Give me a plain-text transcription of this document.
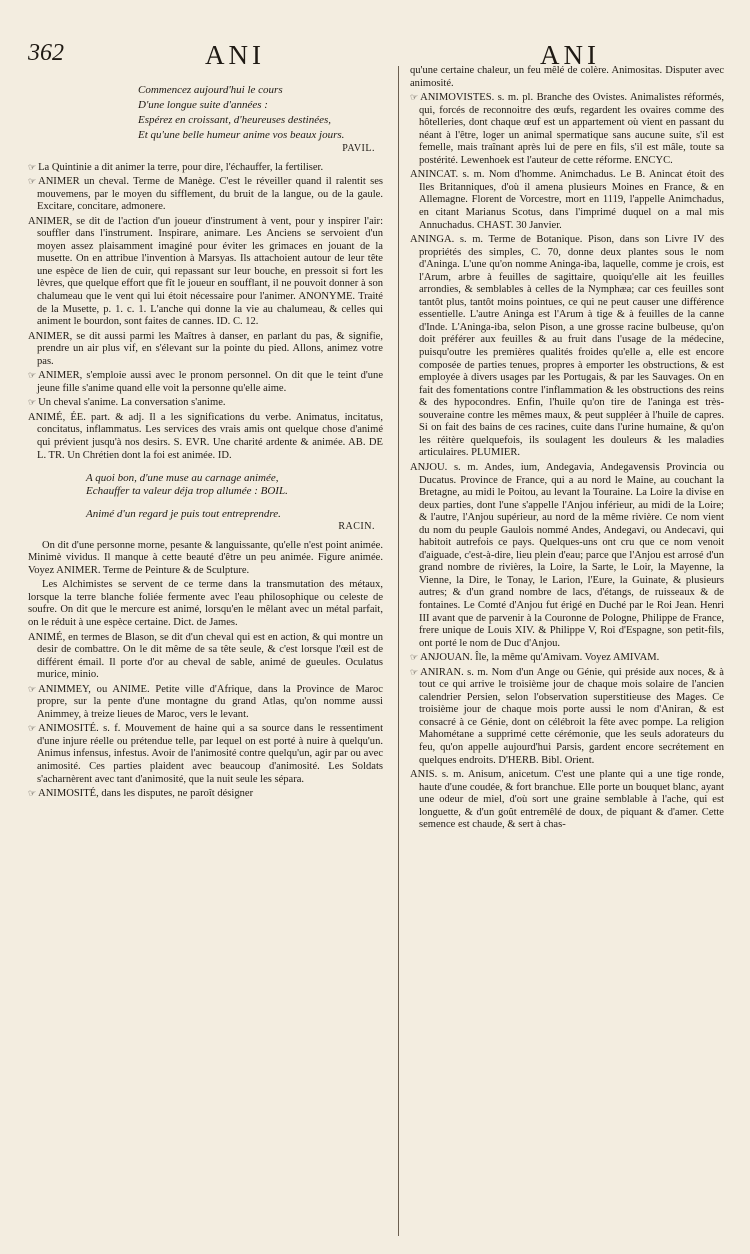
362	ANI	ANI

Commencez aujourd'hui le cours

D'une longue suite d'années :

Espérez en croissant, d'heureuses destinées,

Et qu'une belle humeur anime vos beaux jours.

PAVIL.

☞ La Quintinie a dit animer la terre, pour dire, l'échauffer, la fertiliser.

☞ ANIMER un cheval. Terme de Manège. C'est le réveiller quand il ralentit ses mouvemens, par le moyen du sifflement, du bruit de la langue, ou de la gaule. Excitare, concitare, admonere.

ANIMER, se dit de l'action d'un joueur d'instrument à vent, pour y inspirer l'air: souffler dans l'instrument. Inspirare, animare. Les Anciens se servoient d'un moyen assez plaisamment imaginé pour éviter les grimaces en jouant de la musette. On en attribue l'invention à Marsyas. Ils attachoient autour de leur tête une espèce de lien de cuir, qui repassant sur leur bouche, en pressoit si fort les lèvres, que quelque effort que fît le joueur en soufflant, il ne pouvoit donner à son chalumeau que le vent qui lui étoit nécessaire pour l'animer. ANONYME. Traité de la Musette, p. 1. c. 1. L'anche qui donne la vie au chalumeau, & celles qui animent le bourdon, sont faites de cannes. ID. C. 12.

ANIMER, se dit aussi parmi les Maîtres à danser, en parlant du pas, & signifie, prendre un air plus vif, en s'élevant sur la pointe du pied. Allons, animez votre pas.

☞ ANIMER, s'emploie aussi avec le pronom personnel. On dit que le teint d'une jeune fille s'anime quand elle voit la personne qu'elle aime.

☞ Un cheval s'anime. La conversation s'anime.

ANIMÉ, ÉE. part. & adj. Il a les significations du verbe. Animatus, incitatus, concitatus, inflammatus. Les services des vrais amis ont quelque chose d'animé qui prévient jusqu'à nos desirs. S. EVR. Une charité ardente & animée. AB. DE L. TR. Un Chrétien dont la foi est animée. ID.

A quoi bon, d'une muse au carnage animée,

Echauffer ta valeur déja trop allumée : BOIL.

Animé d'un regard je puis tout entreprendre.

RACIN.

On dit d'une personne morne, pesante & languissante, qu'elle n'est point animée. Minimè vividus. Il manque à cette beauté d'être un peu animée. Figure animée. Voyez ANIMER. Terme de Peinture & de Sculpture.

Les Alchimistes se servent de ce terme dans la transmutation des métaux, lorsque la terre blanche foliée fermente avec l'eau philosophique ou celeste de soufre. On dit que le mercure est animé, lorsqu'en le mêlant avec un métal parfait, on le réduit à une espèce certaine. Dict. de James.

ANIMÉ, en termes de Blason, se dit d'un cheval qui est en action, & qui montre un desir de combattre. On le dit même de sa tête seule, & c'est lorsque l'œil est de différent émail. Il porte d'or au cheval de sable, animé de gueules. Oculatus murice, minio.

☞ ANIMMEY, ou ANIME. Petite ville d'Afrique, dans la Province de Maroc propre, sur la pente d'une montagne du grand Atlas, qu'on nomme aussi Animmey, à treize lieues de Maroc, vers le levant.

☞ ANIMOSITÉ. s. f. Mouvement de haine qui a sa source dans le ressentiment d'une injure réelle ou prétendue telle, par lequel on est porté à nuire à quelqu'un. Animus infensus, infestus. Avoir de l'animosité contre quelqu'un, agir par ou avec animosité. Ces parties plaident avec beaucoup d'animosité. Les Soldats s'acharnèrent avec tant d'animosité, que la nuit seule les sépara.

☞ ANIMOSITÉ, dans les disputes, ne paroît désigner

qu'une certaine chaleur, un feu mêlé de colère. Animositas. Disputer avec animosité.

☞ ANIMOVISTES. s. m. pl. Branche des Ovistes. Animalistes réformés, qui, forcés de reconnoitre des œufs, regardent les ovaires comme des hôtelleries, dont chaque œuf est un appartement où vient en passant du néant à l'être, loger un animal spermatique sans aucune suite, s'il est femelle, mais traînant après lui de pere en fils, s'il est mâle, toute sa postérité. Lewenhoek est l'auteur de cette réforme. ENCYC.

ANINCAT. s. m. Nom d'homme. Animchadus. Le B. Anincat étoit des Iles Britanniques, d'où il amena plusieurs Moines en France, & en Allemagne. Florent de Vorcestre, mort en 1119, l'appelle Animchadus, en citant Marianus Scotus, dans l'imprimé duquel on a mal mis Annuchadus. CHAST. 30 Janvier.

ANINGA. s. m. Terme de Botanique. Pison, dans son Livre IV des propriétés des simples, C. 70, donne deux plantes sous le nom d'Aninga. L'une qu'on nomme Aninga-iba, laquelle, comme je crois, est l'Arum, arbre à feuilles de sagittaire, quoiqu'elle ait les feuilles arrondies, & semblables à celles de la Nymphæa; car ces feuilles sont tantôt plus, tantôt moins pointues, ce qui ne peut causer une différence essentielle. L'autre Aninga est l'Arum à tige & à feuilles de la canne d'Inde. L'Aninga-iba, selon Pison, a une grosse racine bulbeuse, qu'on doit préférer aux feuilles & au fruit dans l'usage de la médecine, puisqu'outre les premières qualités froides qu'elle a, elle est encore composée de parties tenues, propres à emporter les obstructions, & est employée à divers usages par les Portugais, & par les Sauvages. On en fait des fomentations contre l'inflammation & les obstructions des reins & des hypocondres. Enfin, l'huile qu'on tire de l'aninga est très-souveraine contre les mêmes maux, & peut suppléer à l'huile de capres. Si on fait des bains de ces racines, cuite dans l'urine humaine, & qu'on les réitère quelquefois, ils soulagent les douleurs & les maladies articulaires. PLUMIER.

ANJOU. s. m. Andes, ium, Andegavia, Andegavensis Provincia ou Ducatus. Province de France, qui a au nord le Maine, au couchant la Bretagne, au midi le Poitou, au levant la Touraine. La Loire la divise en deux parties, dont l'une s'appelle l'Anjou inférieur, au midi de la Loire; & l'autre, l'Anjou supérieur, au nord de la même rivière. Ce nom vient du nom du peuple Gaulois nommé Andes, Andegavi, ou Andecavi, qui habitoit autrefois ce pays. Quelques-uns ont cru que ce nom venoit d'aiguade, c'est-à-dire, lieu plein d'eau; parce que l'Anjou est arrosé d'un grand nombre de rivières, la Loire, la Sarte, le Loir, la Mayenne, la Vienne, la Dire, le Tonay, le Larion, l'Eure, la Guinate, & plusieurs autres; & d'un grand nombre de lacs, d'étangs, de ruisseaux & de fontaines. Le Comté d'Anjou fut érigé en Duché par le Roi Jean. Henri III avant que de parvenir à la Couronne de Pologne, Philippe de France, frere unique de Louis XIV. & Philippe V, Roi d'Espagne, son petit-fils, ont porté le nom de Duc d'Anjou.

☞ ANJOUAN. Île, la même qu'Amivam. Voyez AMIVAM.

☞ ANIRAN. s. m. Nom d'un Ange ou Génie, qui préside aux noces, & à tout ce qui arrive le troisième jour de chaque mois solaire de l'ancien calendrier Persien, selon l'observation superstitieuse des Mages. Ce troisième jour de chaque mois porte aussi le nom d'Aniran, & est consacré à ce Génie, dont on célébroit la fête avec pompe. La religion Mahométane a supprimé cette cérémonie, que les seuls adorateurs du feu, qu'on appelle aujourd'hui Parsis, gardent encore secrétement en quelques endroits. D'HERB. Bibl. Orient.

ANIS. s. m. Anisum, anicetum. C'est une plante qui a une tige ronde, haute d'une coudée, & fort branchue. Elle porte un bouquet blanc, ayant une odeur de miel, d'où sort une graine semblable à l'ache, qui est longuette, & d'un goût entremêlé de doux, de piquant & d'amer. Cette semence est chaude, & sert à chas-
